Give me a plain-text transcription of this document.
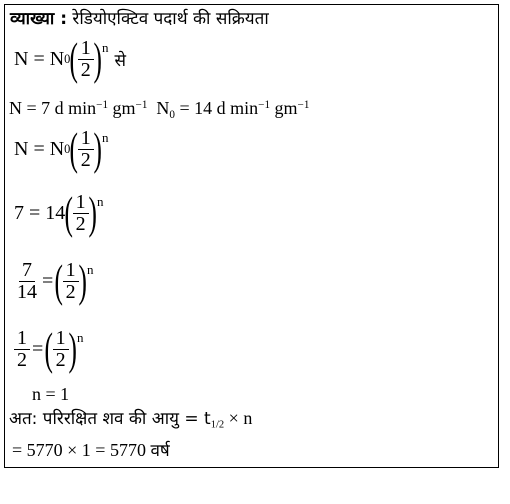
व्याख्या : रेडियोएक्टिव पदार्थ की सक्रियता
N = N 0 ( $\frac{1}{2}$ ) n
से
N = 7 d $\min^{-1} gm^{-1}$ $N_0 = 14$ d $\min^{-1} gm^{-1}$
N = N 0 ( $\frac{1}{2}$ ) n
7 = 14 ( $\frac{1}{2}$ ) n
$\frac{7}{14}$ = ( $\frac{1}{2}$ ) n
$\frac{1}{2}$ = ( $\frac{1}{2}$ ) n
n = 1
अत: परिरक्षित शव की आयु = $t_{1/2} \times n$
= 5770 × 1 = 5770 वर्ष
